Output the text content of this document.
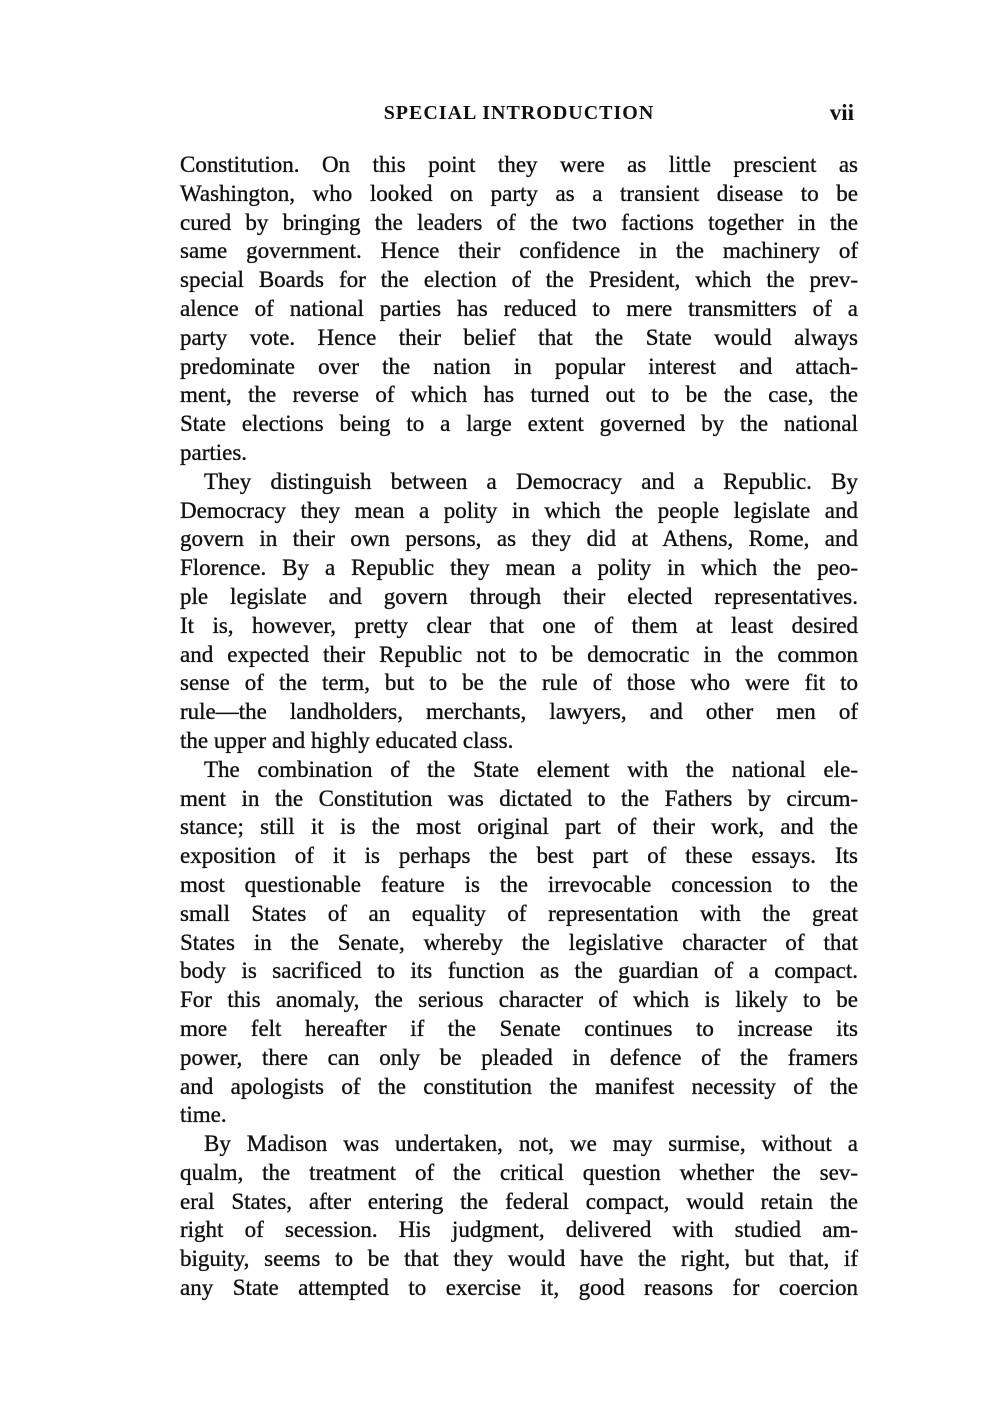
SPECIAL INTRODUCTION	vii
Constitution. On this point they were as little prescient as
Washington, who looked on party as a transient disease to be
cured by bringing the leaders of the two factions together in the
same government. Hence their confidence in the machinery of
special Boards for the election of the President, which the prev-
alence of national parties has reduced to mere transmitters of a
party vote. Hence their belief that the State would always
predominate over the nation in popular interest and attach-
ment, the reverse of which has turned out to be the case, the
State elections being to a large extent governed by the national
parties.
They distinguish between a Democracy and a Republic. By
Democracy they mean a polity in which the people legislate and
govern in their own persons, as they did at Athens, Rome, and
Florence. By a Republic they mean a polity in which the peo-
ple legislate and govern through their elected representatives.
It is, however, pretty clear that one of them at least desired
and expected their Republic not to be democratic in the common
sense of the term, but to be the rule of those who were fit to
rule—the landholders, merchants, lawyers, and other men of
the upper and highly educated class.
The combination of the State element with the national ele-
ment in the Constitution was dictated to the Fathers by circum-
stance; still it is the most original part of their work, and the
exposition of it is perhaps the best part of these essays. Its
most questionable feature is the irrevocable concession to the
small States of an equality of representation with the great
States in the Senate, whereby the legislative character of that
body is sacrificed to its function as the guardian of a compact.
For this anomaly, the serious character of which is likely to be
more felt hereafter if the Senate continues to increase its
power, there can only be pleaded in defence of the framers
and apologists of the constitution the manifest necessity of the
time.
By Madison was undertaken, not, we may surmise, without a
qualm, the treatment of the critical question whether the sev-
eral States, after entering the federal compact, would retain the
right of secession. His judgment, delivered with studied am-
biguity, seems to be that they would have the right, but that, if
any State attempted to exercise it, good reasons for coercion
